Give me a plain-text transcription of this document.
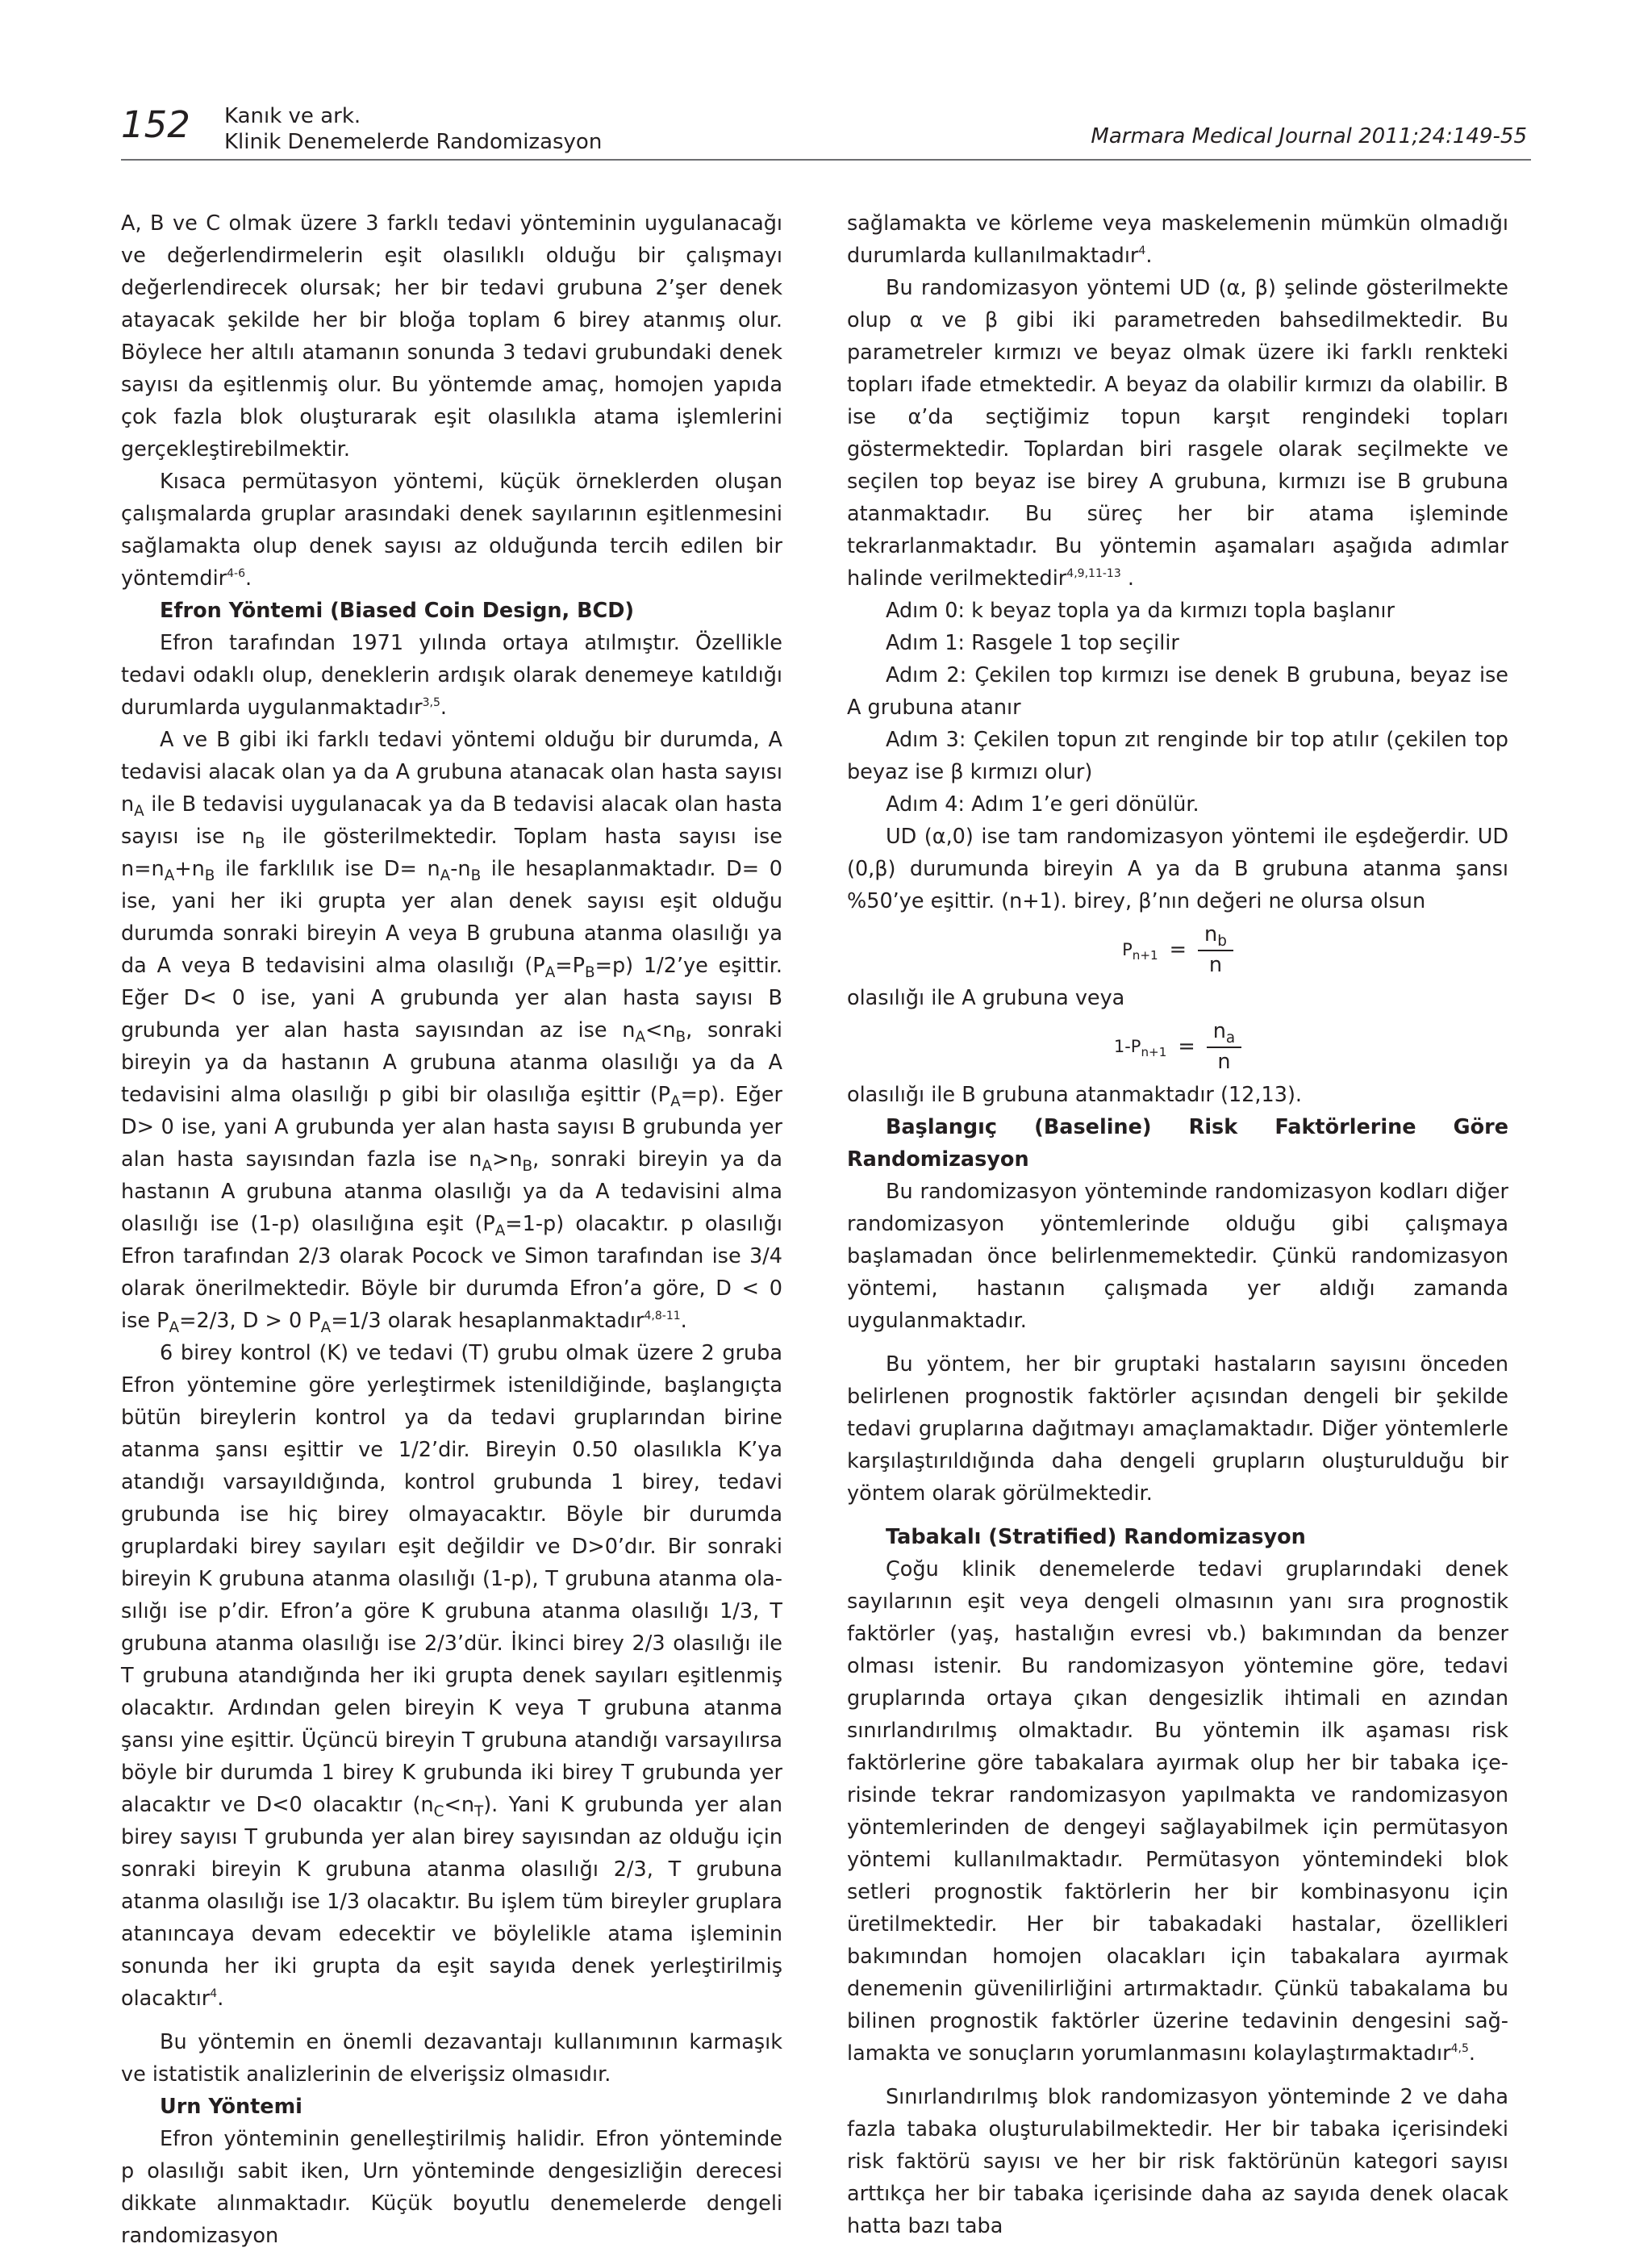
152 Kanık ve ark.
Klinik Denemelerde Randomizasyon	Marmara Medical Journal 2011;24:149-55

A, B ve C olmak üzere 3 farklı tedavi yönteminin uygulanacağı ve değerlendirmelerin eşit olasılıklı olduğu bir çalışmayı değerlendirecek olursak; her bir tedavi grubuna 2’şer denek atayacak şekilde her bir bloğa toplam 6 birey atanmış olur. Böylece her altılı atamanın sonunda 3 tedavi grubundaki denek sayısı da eşitlenmiş olur. Bu yöntemde amaç, homojen yapıda çok fazla blok oluşturarak eşit olasılıkla atama işlemlerini gerçekleştirebilmektir.

Kısaca permütasyon yöntemi, küçük örneklerden oluşan çalışmalarda gruplar arasındaki denek sayılarının eşitlenmesini sağlamakta olup denek sayısı az olduğunda tercih edilen bir yöntemdir$^{4-6}$.

Efron Yöntemi (Biased Coin Design, BCD)

Efron tarafından 1971 yılında ortaya atılmıştır. Özellikle tedavi odaklı olup, deneklerin ardışık olarak denemeye katıldığı durumlarda uygulanmaktadır$^{3,5}$.

A ve B gibi iki farklı tedavi yöntemi olduğu bir durumda, A tedavisi alacak olan ya da A grubuna atanacak olan hasta sayısı $n_A$ ile B tedavisi uygulanacak ya da B tedavisi alacak olan hasta sayısı ise $n_B$ ile gösterilmektedir. Toplam hasta sayısı ise $n=n_A+n_B$ ile farklılık ise $D= n_A-n_B$ ile hesaplanmaktadır. D= 0 ise, yani her iki grupta yer alan denek sayısı eşit olduğu durumda sonraki bireyin A veya B grubuna atanma olasılığı ya da A veya B tedavisini alma olasılığı $(P_A=P_B=p)$ 1/2’ye eşittir. Eğer D< 0 ise, yani A grubunda yer alan hasta sayısı B grubunda yer alan hasta sayısından az ise $n_A<n_B$, sonraki bireyin ya da hastanın A grubuna atanma olasılığı ya da A tedavisini alma olasılığı p gibi bir olasılığa eşittir $(P_A=p)$. Eğer D> 0 ise, yani A grubunda yer alan hasta sayısı B grubunda yer alan hasta sayısından fazla ise $n_A>n_B$, sonraki bireyin ya da hastanın A grubuna atanma olasılığı ya da A tedavisini alma olasılığı ise (1-p) olasılığına eşit $(P_A=1-p)$ olacaktır. p olasılığı Efron tarafından 2/3 olarak Pocock ve Simon tarafından ise 3/4 olarak önerilmektedir. Böyle bir durumda Efron’a göre, D < 0 ise $P_A=2/3$, D > 0 $P_A=1/3$ olarak hesaplanmaktadır$^{4,8-11}$.

6 birey kontrol (K) ve tedavi (T) grubu olmak üzere 2 gruba Efron yöntemine göre yerleştirmek istenildiğinde, başlangıçta bütün bireylerin kontrol ya da tedavi gruplarından birine atanma şansı eşittir ve 1/2’dir. Bireyin 0.50 olasılıkla K’ya atandığı varsayıldığında, kontrol grubunda 1 birey, tedavi grubunda ise hiç birey olmayacaktır. Böyle bir durumda gruplardaki birey sayıları eşit değildir ve D>0’dır. Bir sonraki bireyin K grubuna atanma olasılığı (1-p), T grubuna atanma olasılığı ise p’dir. Efron’a göre K grubuna atanma olasılığı 1/3, T grubuna atanma olasılığı ise 2/3’dür. İkinci birey 2/3 olasılığı ile T grubuna atandığında her iki grupta denek sayıları eşitlenmiş olacaktır. Ardından gelen bireyin K veya T grubuna atanma şansı yine eşittir. Üçüncü bireyin T grubuna atandığı varsayılırsa böyle bir durumda 1 birey K grubunda iki birey T grubunda yer alacaktır ve D<0 olacaktır $(n_C<n_T)$. Yani K grubunda yer alan birey sayısı T grubunda yer alan birey sayısından az olduğu için sonraki bireyin K grubuna atanma olasılığı 2/3, T grubuna atanma olasılığı ise 1/3 olacaktır. Bu işlem tüm bireyler gruplara atanıncaya devam edecektir ve böylelikle atama işleminin sonunda her iki grupta da eşit sayıda denek yerleştirilmiş olacaktır$^4$.

Bu yöntemin en önemli dezavantajı kullanımının karmaşık ve istatistik analizlerinin de elverişsiz olmasıdır.

Urn Yöntemi

Efron yönteminin genelleştirilmiş halidir. Efron yönteminde p olasılığı sabit iken, Urn yönteminde dengesizliğin derecesi dikkate alınmaktadır. Küçük boyutlu denemelerde dengeli randomizasyon

sağlamakta ve körleme veya maskelemenin mümkün olmadığı durumlarda kullanılmaktadır$^4$.

Bu randomizasyon yöntemi UD (α, β) şelinde gösterilmekte olup α ve β gibi iki parametreden bahsedilmektedir. Bu parametreler kırmızı ve beyaz olmak üzere iki farklı renkteki topları ifade etmektedir. A beyaz da olabilir kırmızı da olabilir. B ise α’da seçtiğimiz topun karşıt rengindeki topları göstermektedir. Toplardan biri rasgele olarak seçilmekte ve seçilen top beyaz ise birey A grubuna, kırmızı ise B grubuna atanmaktadır. Bu süreç her bir atama işleminde tekrarlanmaktadır. Bu yöntemin aşamaları aşağıda adımlar halinde verilmektedir$^{4,9,11-13}$ .

Adım 0: k beyaz topla ya da kırmızı topla başlanır

Adım 1: Rasgele 1 top seçilir

Adım 2: Çekilen top kırmızı ise denek B grubuna, beyaz ise A grubuna atanır

Adım 3: Çekilen topun zıt renginde bir top atılır (çekilen top beyaz ise β kırmızı olur)

Adım 4: Adım 1’e geri dönülür.

UD (α,0) ise tam randomizasyon yöntemi ile eşdeğerdir. UD (0,β) durumunda bireyin A ya da B grubuna atanma şansı %50’ye eşittir. (n+1). birey, β’nın değeri ne olursa olsun

$P_{n+1} = \frac{n_b}{n}$

olasılığı ile A grubuna veya

$1-P_{n+1} = \frac{n_a}{n}$

olasılığı ile B grubuna atanmaktadır (12,13).

Başlangıç (Baseline) Risk Faktörlerine Göre Randomizasyon

Bu randomizasyon yönteminde randomizasyon kodları diğer randomizasyon yöntemlerinde olduğu gibi çalışmaya başlamadan önce belirlenmemektedir. Çünkü randomizasyon yöntemi, hastanın çalışmada yer aldığı zamanda uygulanmaktadır.

Bu yöntem, her bir gruptaki hastaların sayısını önceden belirlenen prognostik faktörler açısından dengeli bir şekilde tedavi gruplarına dağıtmayı amaçlamaktadır. Diğer yöntemlerle karşılaştırıldığında daha dengeli grupların oluşturulduğu bir yöntem olarak görülmektedir.

Tabakalı (Stratified) Randomizasyon

Çoğu klinik denemelerde tedavi gruplarındaki denek sayılarının eşit veya dengeli olmasının yanı sıra prognostik faktörler (yaş, hastalığın evresi vb.) bakımından da benzer olması istenir. Bu randomizasyon yöntemine göre, tedavi gruplarında ortaya çıkan dengesizlik ihtimali en azından sınırlandırılmış olmaktadır. Bu yöntemin ilk aşaması risk faktörlerine göre tabakalara ayırmak olup her bir tabaka içerisinde tekrar randomizasyon yapılmakta ve randomizasyon yöntemlerinden de dengeyi sağlayabilmek için permütasyon yöntemi kullanılmaktadır. Permütasyon yöntemindeki blok setleri prognostik faktörlerin her bir kombinasyonu için üretilmektedir. Her bir tabakadaki hastalar, özellikleri bakımından homojen olacakları için tabakalara ayırmak denemenin güvenilirliğini artırmaktadır. Çünkü tabakalama bu bilinen prognostik faktörler üzerine tedavinin dengesini sağlamakta ve sonuçların yorumlanmasını kolaylaştırmaktadır$^{4,5}$.

Sınırlandırılmış blok randomizasyon yönteminde 2 ve daha fazla tabaka oluşturulabilmektedir. Her bir tabaka içerisindeki risk faktörü sayısı ve her bir risk faktörünün kategori sayısı arttıkça her bir tabaka içerisinde daha az sayıda denek olacak hatta bazı taba
